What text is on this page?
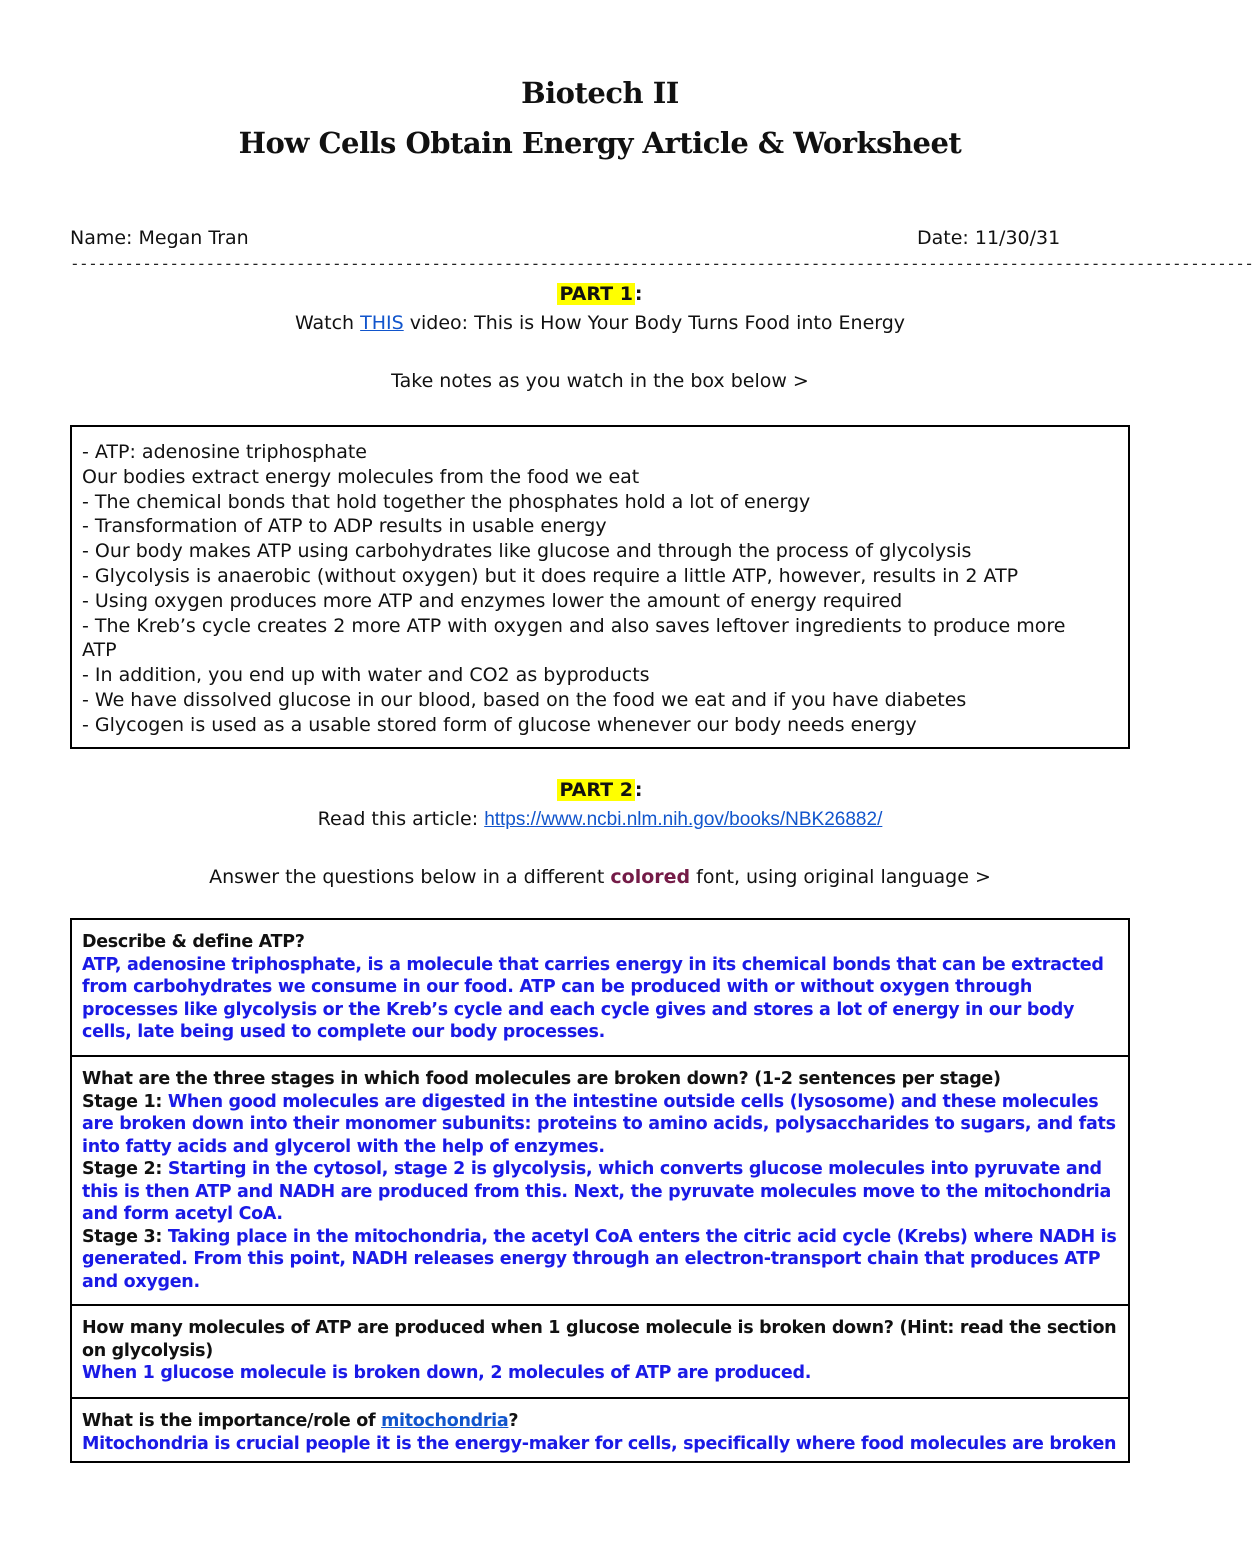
Biotech II
How Cells Obtain Energy Article & Worksheet
Name: Megan Tran	Date: 11/30/31
-----------------------------------------------------------------------------------------------------------------------------------
PART 1 :
Watch THIS video: This is How Your Body Turns Food into Energy
Take notes as you watch in the box below >
- ATP: adenosine triphosphate
Our bodies extract energy molecules from the food we eat
- The chemical bonds that hold together the phosphates hold a lot of energy
- Transformation of ATP to ADP results in usable energy
- Our body makes ATP using carbohydrates like glucose and through the process of glycolysis
- Glycolysis is anaerobic (without oxygen) but it does require a little ATP, however, results in 2 ATP
- Using oxygen produces more ATP and enzymes lower the amount of energy required
- The Kreb’s cycle creates 2 more ATP with oxygen and also saves leftover ingredients to produce more
ATP
- In addition, you end up with water and CO2 as byproducts
- We have dissolved glucose in our blood, based on the food we eat and if you have diabetes
- Glycogen is used as a usable stored form of glucose whenever our body needs energy
PART 2 :
Read this article: https://www.ncbi.nlm.nih.gov/books/NBK26882/
Answer the questions below in a different colored font, using original language >
Describe & define ATP?
ATP, adenosine triphosphate, is a molecule that carries energy in its chemical bonds that can be extracted from carbohydrates we consume in our food. ATP can be produced with or without oxygen through processes like glycolysis or the Kreb’s cycle and each cycle gives and stores a lot of energy in our body cells, late being used to complete our body processes.
What are the three stages in which food molecules are broken down? (1-2 sentences per stage)
Stage 1: When good molecules are digested in the intestine outside cells (lysosome) and these molecules are broken down into their monomer subunits: proteins to amino acids, polysaccharides to sugars, and fats into fatty acids and glycerol with the help of enzymes.
Stage 2: Starting in the cytosol, stage 2 is glycolysis, which converts glucose molecules into pyruvate and this is then ATP and NADH are produced from this. Next, the pyruvate molecules move to the mitochondria and form acetyl CoA.
Stage 3: Taking place in the mitochondria, the acetyl CoA enters the citric acid cycle (Krebs) where NADH is generated. From this point, NADH releases energy through an electron-transport chain that produces ATP and oxygen.
How many molecules of ATP are produced when 1 glucose molecule is broken down? (Hint: read the section on glycolysis)
When 1 glucose molecule is broken down, 2 molecules of ATP are produced.
What is the importance/role of mitochondria?
Mitochondria is crucial people it is the energy-maker for cells, specifically where food molecules are broken
